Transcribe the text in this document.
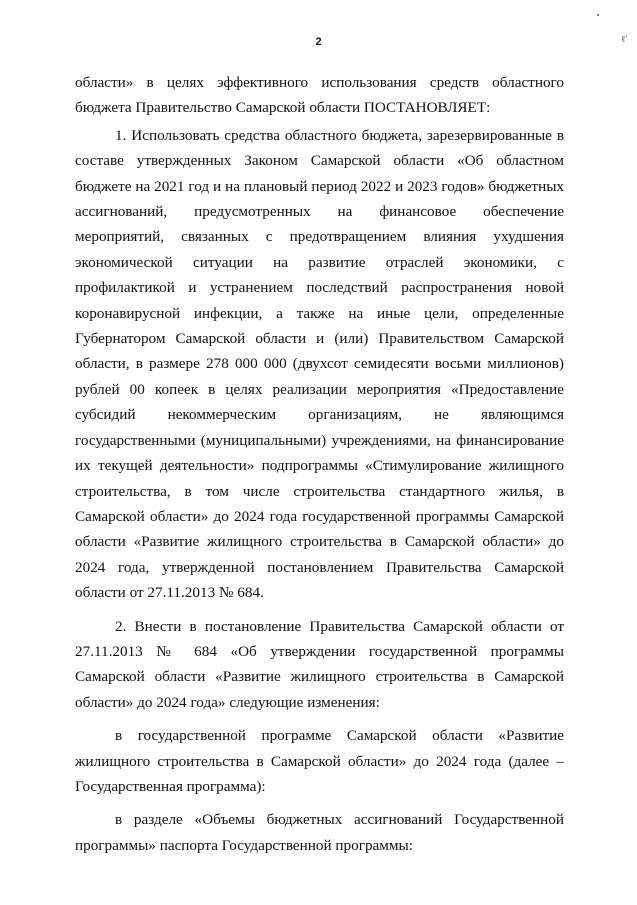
2	ℓ'

области» в целях эффективного использования средств областного бюджета Правительство Самарской области ПОСТАНОВЛЯЕТ:

1. Использовать средства областного бюджета, зарезервированные в составе утвержденных Законом Самарской области «Об областном бюджете на 2021 год и на плановый период 2022 и 2023 годов» бюджетных ассигнований, предусмотренных на финансовое обеспечение мероприятий, связанных с предотвращением влияния ухудшения экономической ситуации на развитие отраслей экономики, с профилактикой и устранением последствий распространения новой коронавирусной инфекции, а также на иные цели, определенные Губернатором Самарской области и (или) Правительством Самарской области, в размере 278 000 000 (двухсот семидесяти восьми миллионов) рублей 00 копеек в целях реализации мероприятия «Предоставление субсидий некоммерческим организациям, не являющимся государственными (муниципальными) учреждениями, на финансирование их текущей деятельности» подпрограммы «Стимулирование жилищного строительства, в том числе строительства стандартного жилья, в Самарской области» до 2024 года государственной программы Самарской области «Развитие жилищного строительства в Самарской области» до 2024 года, утвержденной постановлением Правительства Самарской области от 27.11.2013 № 684.

2. Внести в постановление Правительства Самарской области от 27.11.2013 № 684 «Об утверждении государственной программы Самарской области «Развитие жилищного строительства в Самарской области» до 2024 года» следующие изменения:

в государственной программе Самарской области «Развитие жилищного строительства в Самарской области» до 2024 года (далее – Государственная программа):

в разделе «Объемы бюджетных ассигнований Государственной программы» паспорта Государственной программы:
